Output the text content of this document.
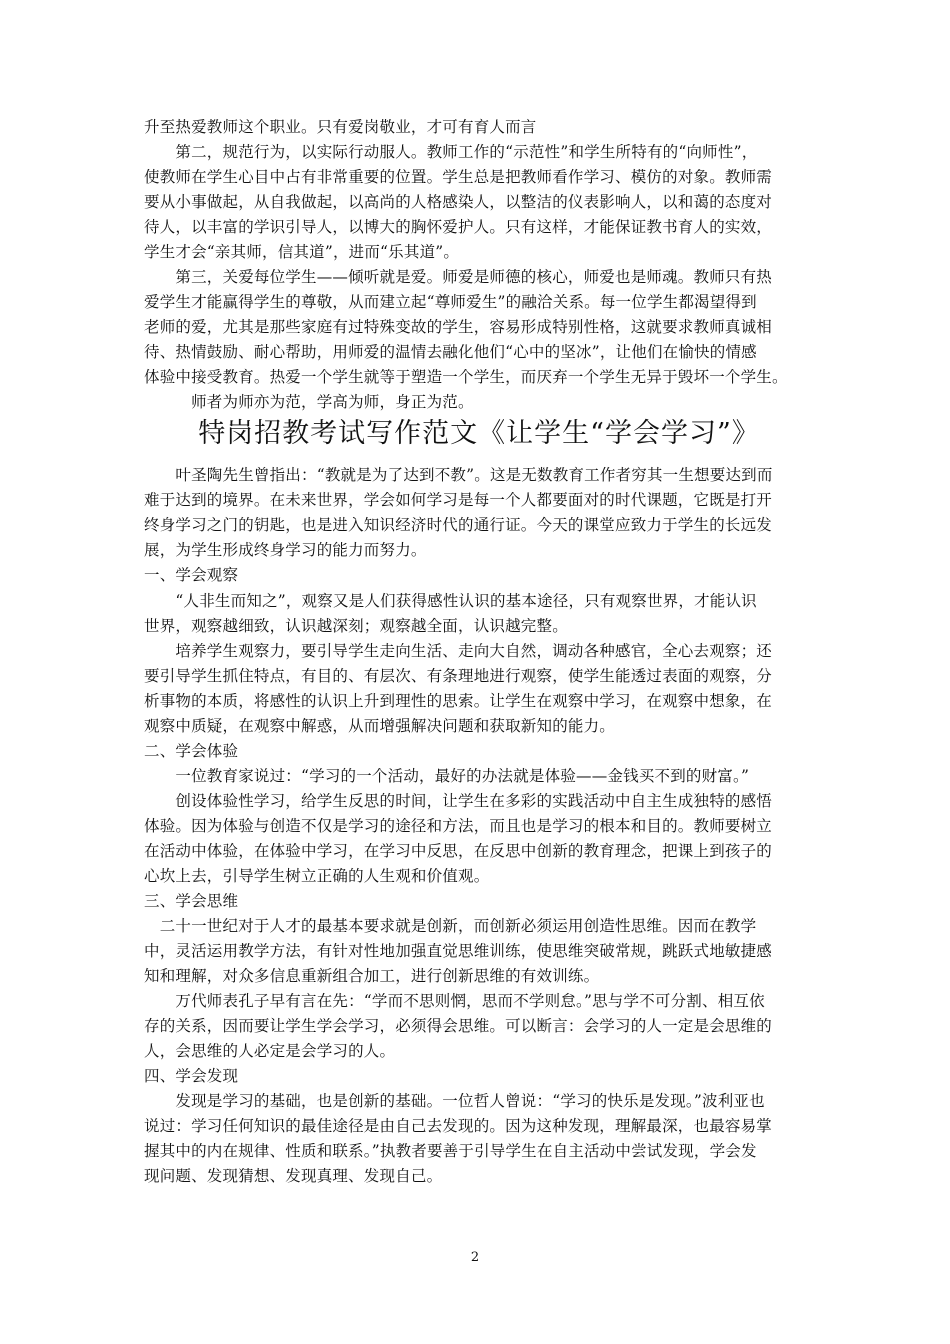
升至热爱教师这个职业。只有爱岗敬业，才可有育人而言
　　第二，规范行为，以实际行动服人。教师工作的“示范性”和学生所特有的“向师性”，
使教师在学生心目中占有非常重要的位置。学生总是把教师看作学习、模仿的对象。教师需
要从小事做起，从自我做起，以高尚的人格感染人，以整洁的仪表影响人，以和蔼的态度对
待人，以丰富的学识引导人，以博大的胸怀爱护人。只有这样，才能保证教书育人的实效，
学生才会“亲其师，信其道”，进而“乐其道”。
　　第三，关爱每位学生——倾听就是爱。师爱是师德的核心，师爱也是师魂。教师只有热
爱学生才能赢得学生的尊敬，从而建立起“尊师爱生”的融洽关系。每一位学生都渴望得到
老师的爱，尤其是那些家庭有过特殊变故的学生，容易形成特别性格，这就要求教师真诚相
待、热情鼓励、耐心帮助，用师爱的温情去融化他们“心中的坚冰”，让他们在愉快的情感
体验中接受教育。热爱一个学生就等于塑造一个学生，而厌弃一个学生无异于毁坏一个学生。
　　　师者为师亦为范，学高为师，身正为范。
特岗招教考试写作范文《让学生“学会学习”》
　　叶圣陶先生曾指出：“教就是为了达到不教”。这是无数教育工作者穷其一生想要达到而
难于达到的境界。在未来世界，学会如何学习是每一个人都要面对的时代课题，它既是打开
终身学习之门的钥匙，也是进入知识经济时代的通行证。今天的课堂应致力于学生的长远发
展，为学生形成终身学习的能力而努力。
一、学会观察
　　“人非生而知之”，观察又是人们获得感性认识的基本途径，只有观察世界，才能认识
世界，观察越细致，认识越深刻；观察越全面，认识越完整。
　　培养学生观察力，要引导学生走向生活、走向大自然，调动各种感官，全心去观察；还
要引导学生抓住特点，有目的、有层次、有条理地进行观察，使学生能透过表面的观察，分
析事物的本质，将感性的认识上升到理性的思索。让学生在观察中学习，在观察中想象，在
观察中质疑，在观察中解惑，从而增强解决问题和获取新知的能力。
二、学会体验
　　一位教育家说过：“学习的一个活动，最好的办法就是体验——金钱买不到的财富。”
　　创设体验性学习，给学生反思的时间，让学生在多彩的实践活动中自主生成独特的感悟
体验。因为体验与创造不仅是学习的途径和方法，而且也是学习的根本和目的。教师要树立
在活动中体验，在体验中学习，在学习中反思，在反思中创新的教育理念，把课上到孩子的
心坎上去，引导学生树立正确的人生观和价值观。
三、学会思维
　二十一世纪对于人才的最基本要求就是创新，而创新必须运用创造性思维。因而在教学
中，灵活运用教学方法，有针对性地加强直觉思维训练，使思维突破常规，跳跃式地敏捷感
知和理解，对众多信息重新组合加工，进行创新思维的有效训练。
　　万代师表孔子早有言在先：“学而不思则惘，思而不学则怠。”思与学不可分割、相互依
存的关系，因而要让学生学会学习，必须得会思维。可以断言：会学习的人一定是会思维的
人，会思维的人必定是会学习的人。
四、学会发现
　　发现是学习的基础，也是创新的基础。一位哲人曾说：“学习的快乐是发现。”波利亚也
说过：学习任何知识的最佳途径是由自己去发现的。因为这种发现，理解最深，也最容易掌
握其中的内在规律、性质和联系。”执教者要善于引导学生在自主活动中尝试发现，学会发
现问题、发现猜想、发现真理、发现自己。
2
